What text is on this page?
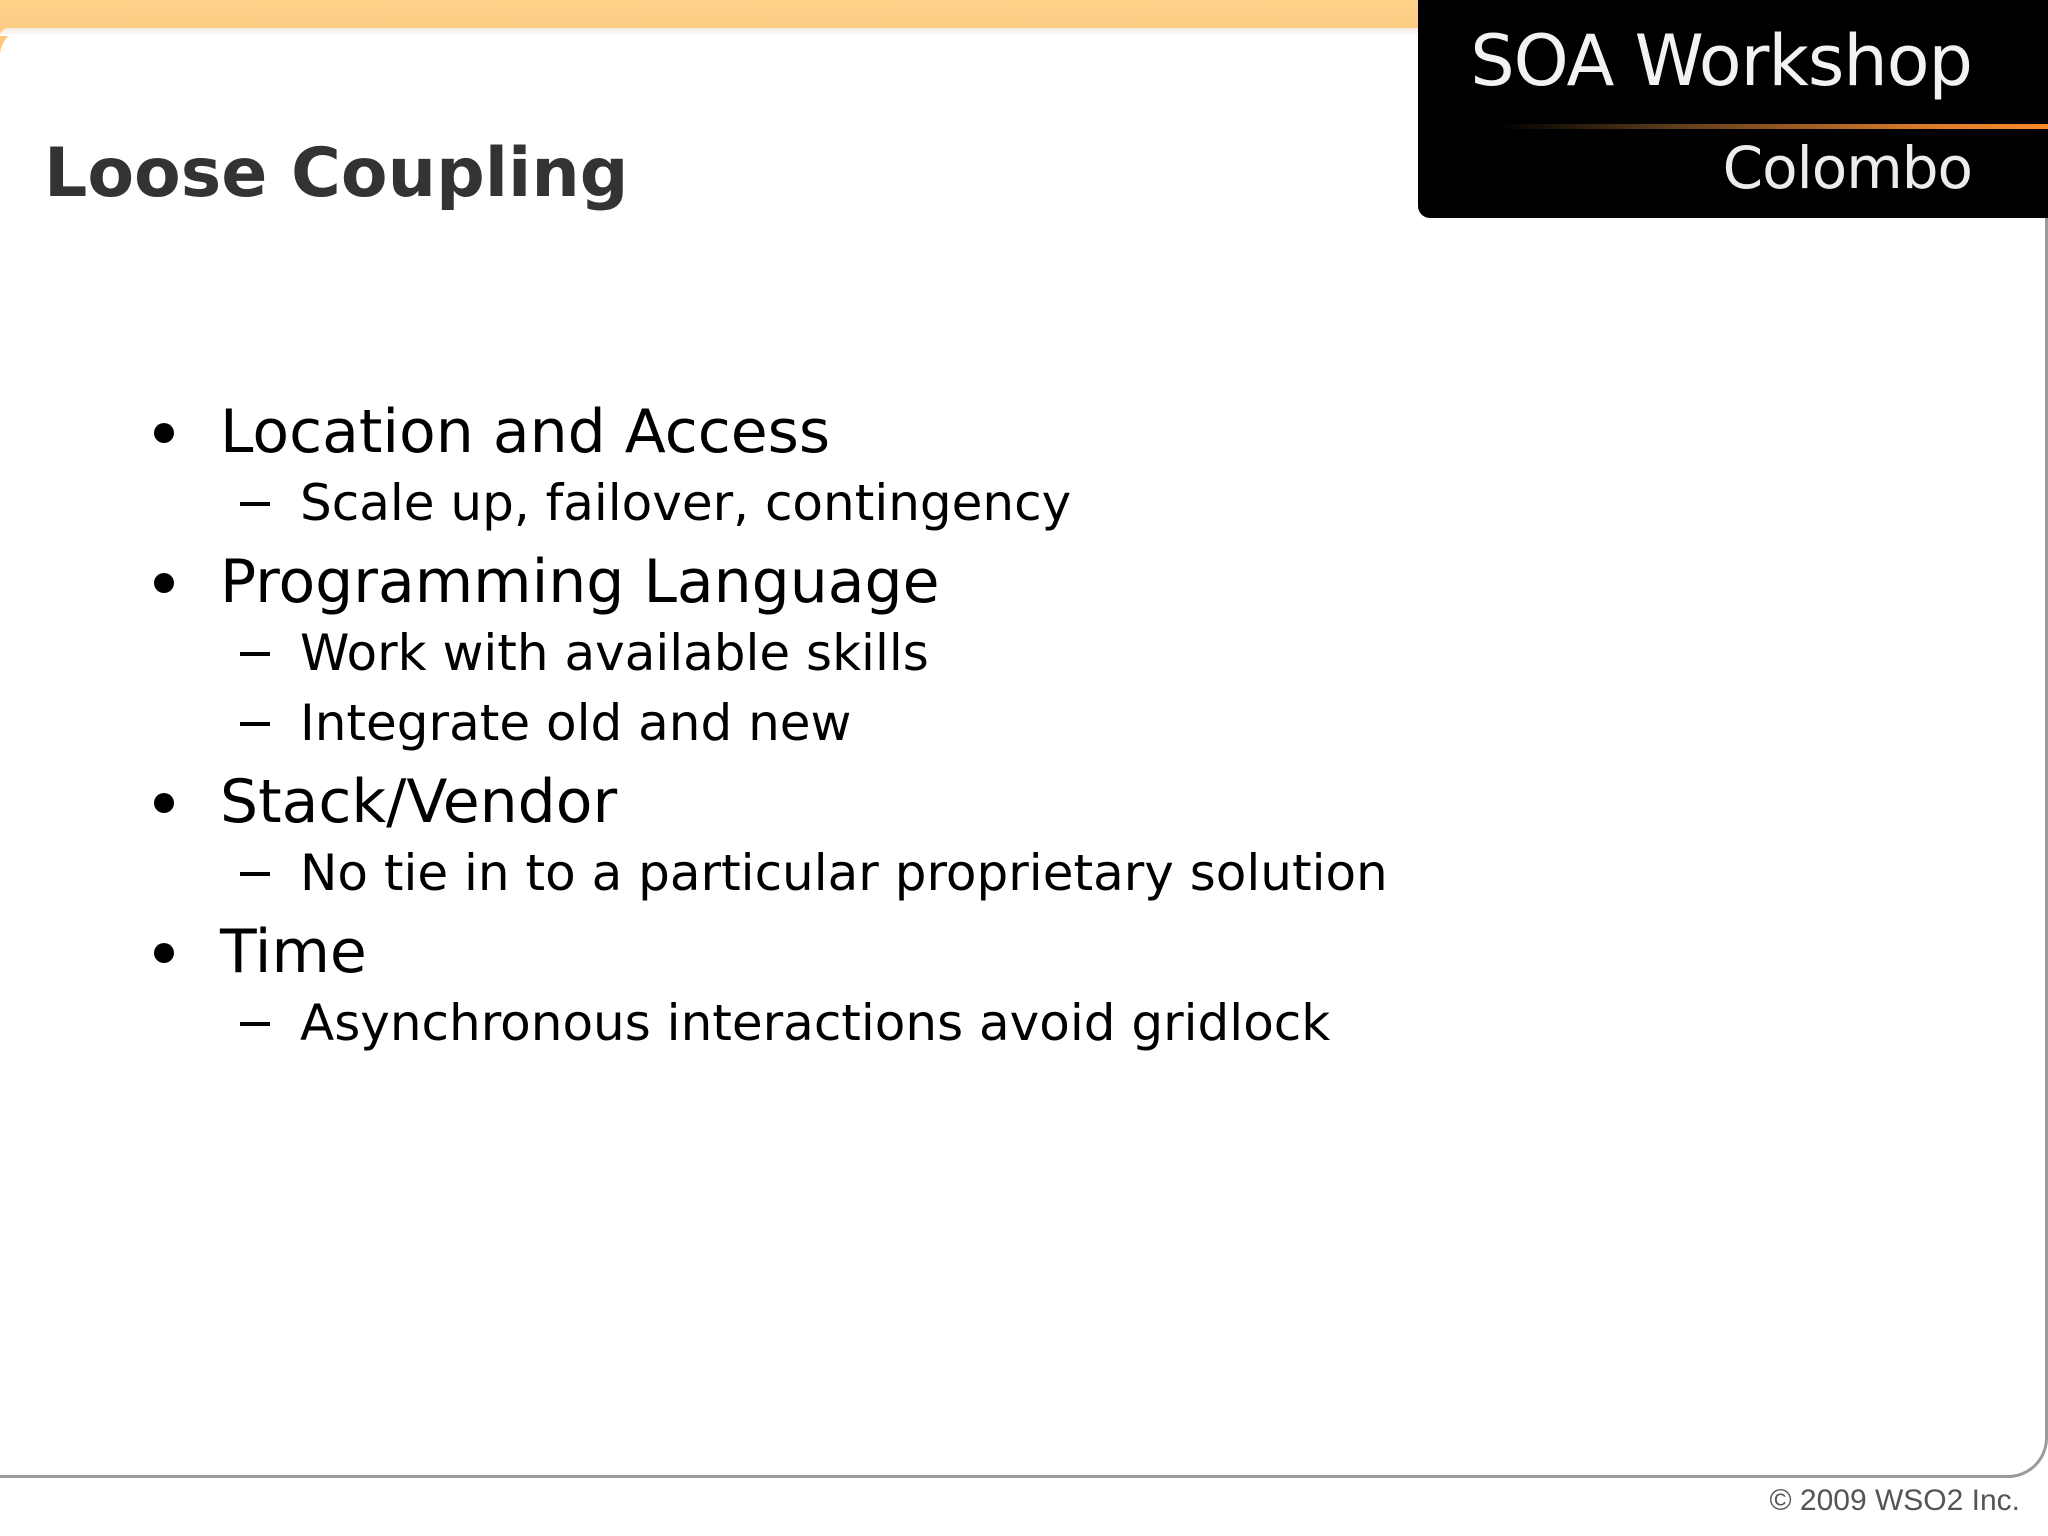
SOA Workshop
Colombo
Loose Coupling
Location and Access
Scale up, failover, contingency
Programming Language
Work with available skills
Integrate old and new
Stack/Vendor
No tie in to a particular proprietary solution
Time
Asynchronous interactions avoid gridlock
© 2009 WSO2 Inc.
